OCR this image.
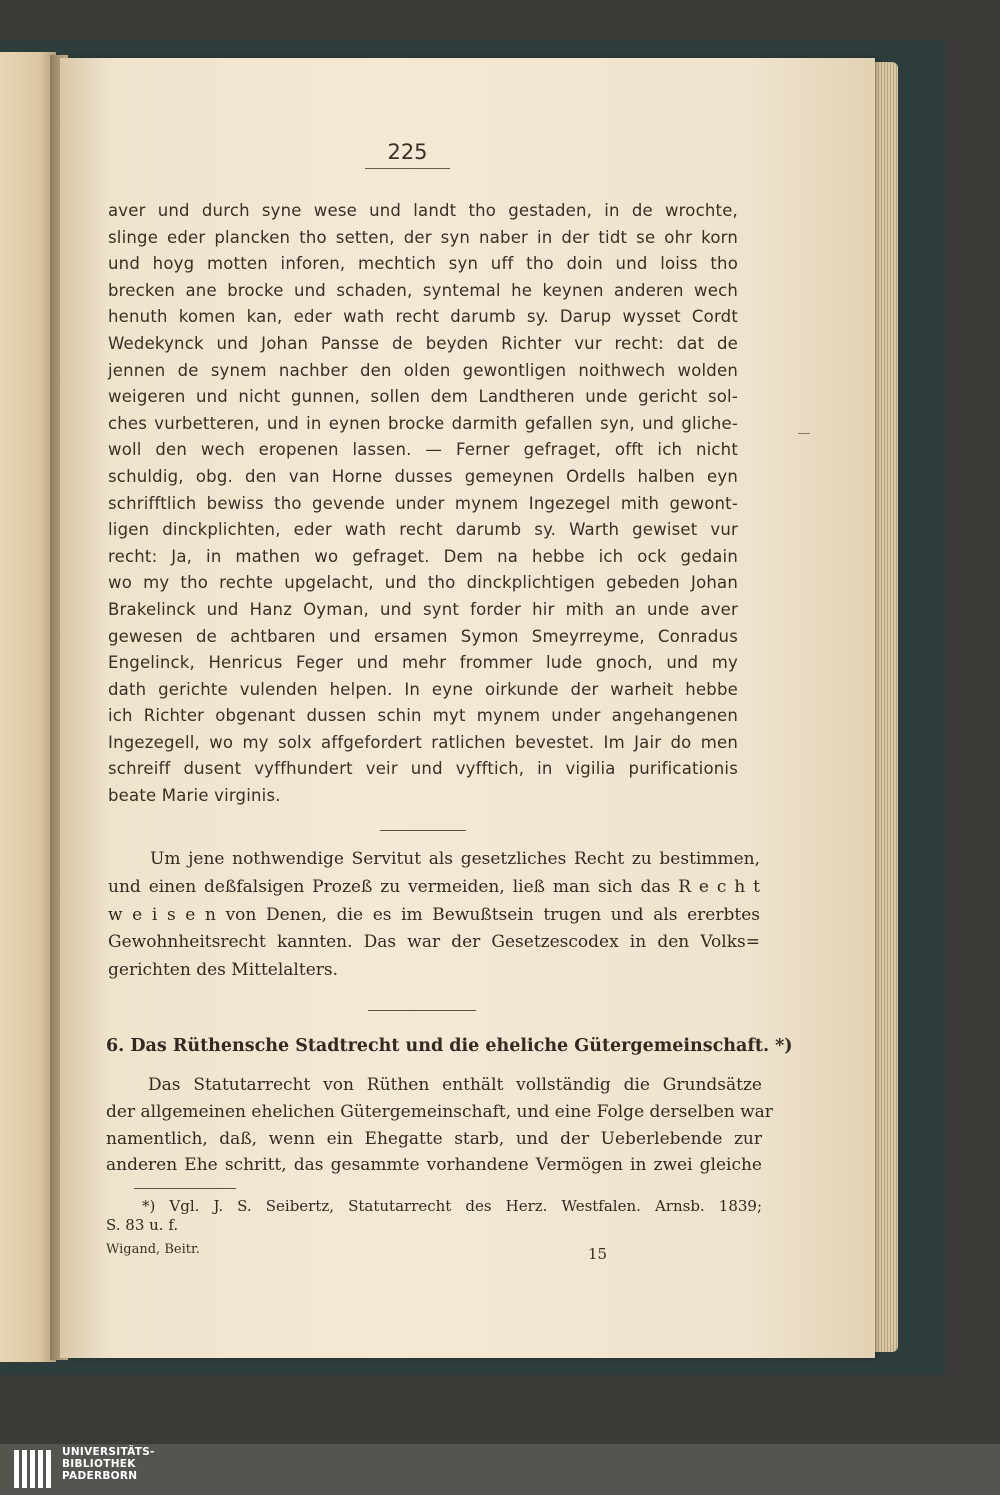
225
aver und durch syne wese und landt tho gestaden, in de wrochte,
slinge eder plancken tho setten, der syn naber in der tidt se ohr korn
und hoyg motten inforen, mechtich syn uff tho doin und loiss tho
brecken ane brocke und schaden, syntemal he keynen anderen wech
henuth komen kan, eder wath recht darumb sy. Darup wysset Cordt
Wedekynck und Johan Pansse de beyden Richter vur recht: dat de
jennen de synem nachber den olden gewontligen noithwech wolden
weigeren und nicht gunnen, sollen dem Landtheren unde gericht sol-
ches vurbetteren, und in eynen brocke darmith gefallen syn, und gliche-
woll den wech eropenen lassen. — Ferner gefraget, offt ich nicht
schuldig, obg. den van Horne dusses gemeynen Ordells halben eyn
schrifftlich bewiss tho gevende under mynem Ingezegel mith gewont-
ligen dinckplichten, eder wath recht darumb sy. Warth gewiset vur
recht: Ja, in mathen wo gefraget. Dem na hebbe ich ock gedain
wo my tho rechte upgelacht, und tho dinckplichtigen gebeden Johan
Brakelinck und Hanz Oyman, und synt forder hir mith an unde aver
gewesen de achtbaren und ersamen Symon Smeyrreyme, Conradus
Engelinck, Henricus Feger und mehr frommer lude gnoch, und my
dath gerichte vulenden helpen. In eyne oirkunde der warheit hebbe
ich Richter obgenant dussen schin myt mynem under angehangenen
Ingezegell, wo my solx affgefordert ratlichen bevestet. Im Jair do men
schreiff dusent vyffhundert veir und vyfftich, in vigilia purificationis
beate Marie virginis.
Um jene nothwendige Servitut als gesetzliches Recht zu bestimmen,
und einen deßfalsigen Prozeß zu vermeiden, ließ man sich das R e c h t
w e i s e n von Denen, die es im Bewußtsein trugen und als ererbtes
Gewohnheitsrecht kannten. Das war der Gesetzescodex in den Volks=
gerichten des Mittelalters.
6. Das Rüthensche Stadtrecht und die eheliche Gütergemeinschaft. *)
Das Statutarrecht von Rüthen enthält vollständig die Grundsätze
der allgemeinen ehelichen Gütergemeinschaft, und eine Folge derselben war
namentlich, daß, wenn ein Ehegatte starb, und der Ueberlebende zur
anderen Ehe schritt, das gesammte vorhandene Vermögen in zwei gleiche
*) Vgl. J. S. Seibertz, Statutarrecht des Herz. Westfalen. Arnsb. 1839;
S. 83 u. f.
Wigand, Beitr.	15
UNIVERSITÄTS-
BIBLIOTHEK
PADERBORN
